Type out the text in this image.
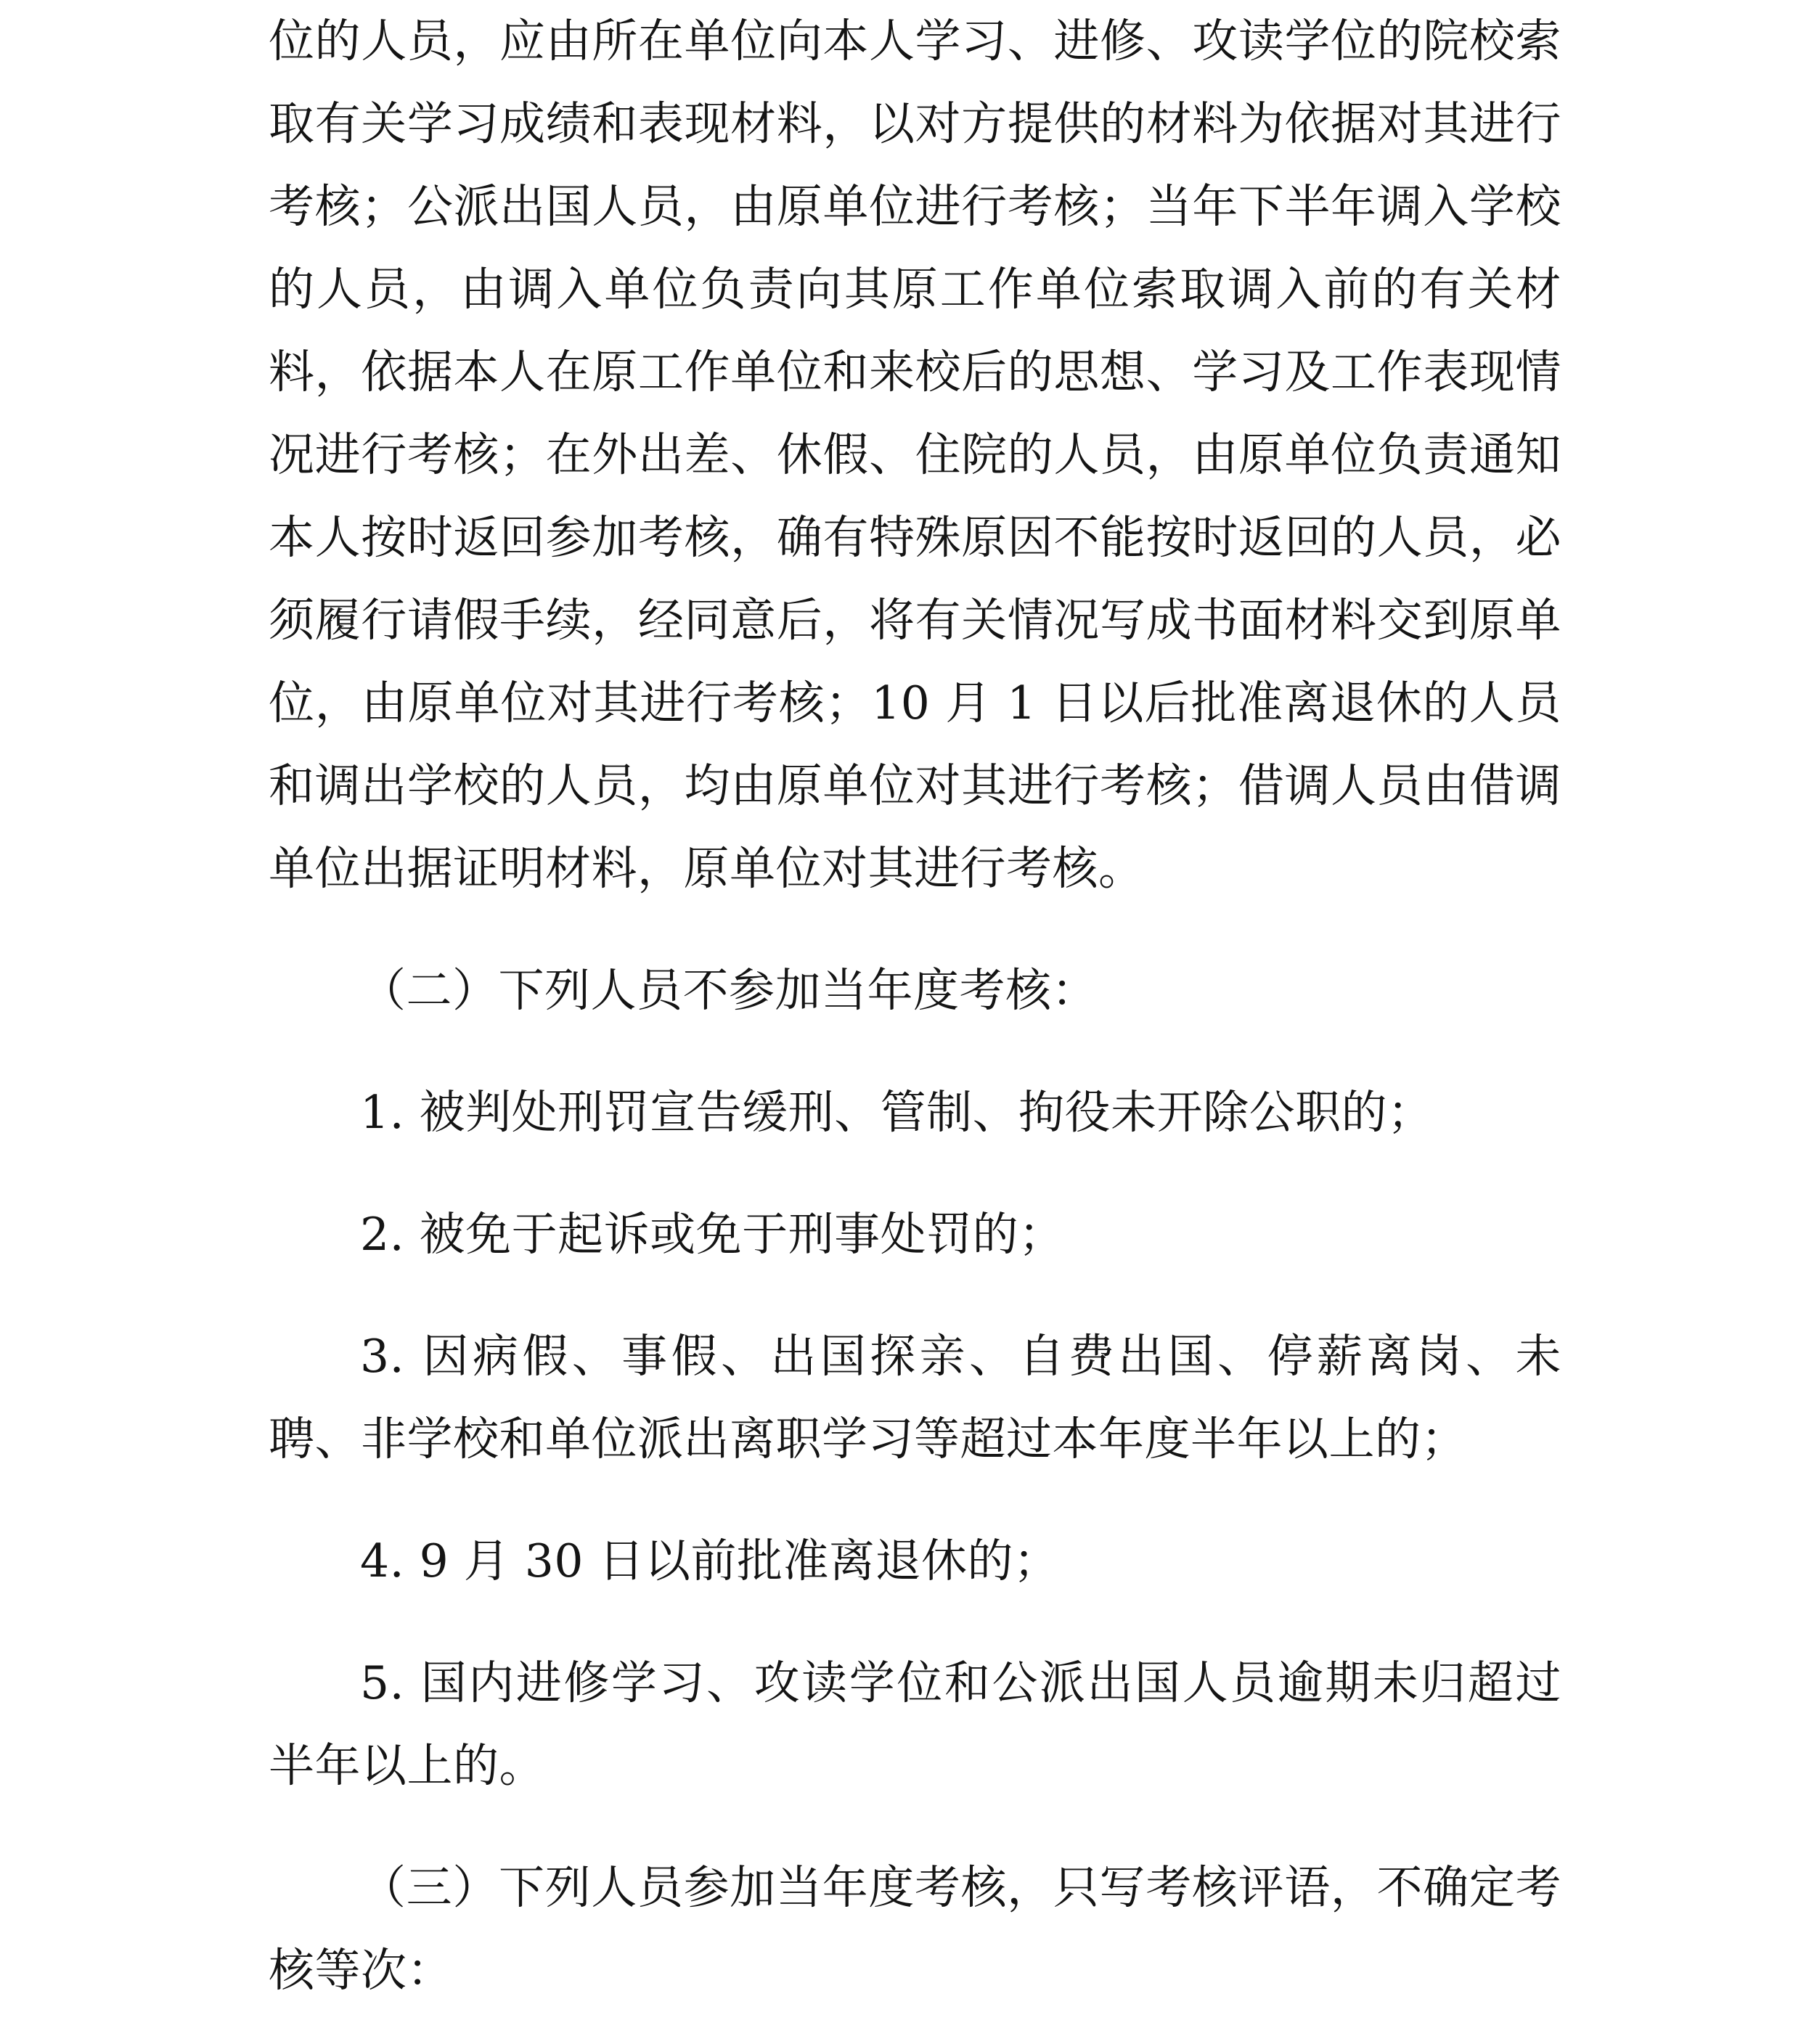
位的人员，应由所在单位向本人学习、进修、攻读学位的院校索取有关学习成绩和表现材料，以对方提供的材料为依据对其进行考核；公派出国人员，由原单位进行考核；当年下半年调入学校的人员，由调入单位负责向其原工作单位索取调入前的有关材料，依据本人在原工作单位和来校后的思想、学习及工作表现情况进行考核；在外出差、休假、住院的人员，由原单位负责通知本人按时返回参加考核，确有特殊原因不能按时返回的人员，必须履行请假手续，经同意后，将有关情况写成书面材料交到原单位，由原单位对其进行考核；10 月 1 日以后批准离退休的人员和调出学校的人员，均由原单位对其进行考核；借调人员由借调单位出据证明材料，原单位对其进行考核。

（二）下列人员不参加当年度考核：

1. 被判处刑罚宣告缓刑、管制、拘役未开除公职的；

2. 被免于起诉或免于刑事处罚的；

3. 因病假、事假、出国探亲、自费出国、停薪离岗、未聘、非学校和单位派出离职学习等超过本年度半年以上的；

4. 9 月 30 日以前批准离退休的；

5. 国内进修学习、攻读学位和公派出国人员逾期未归超过半年以上的。

（三）下列人员参加当年度考核，只写考核评语，不确定考核等次：
